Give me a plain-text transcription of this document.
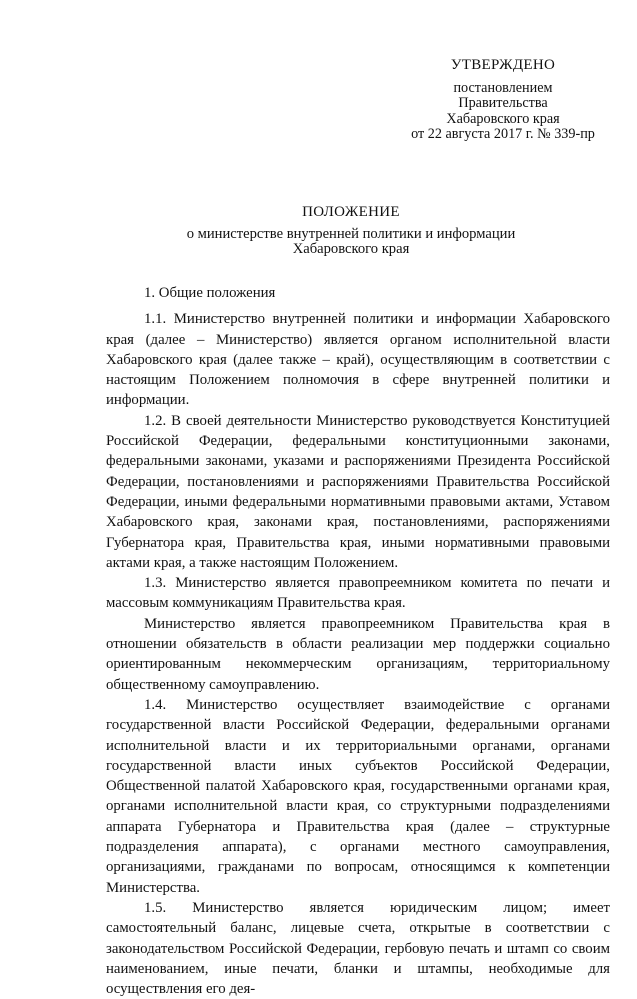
УТВЕРЖДЕНО
постановлением
Правительства
Хабаровского края
от 22 августа 2017 г. № 339-пр
ПОЛОЖЕНИЕ
о министерстве внутренней политики и информации
Хабаровского края

1. Общие положения

1.1. Министерство внутренней политики и информации Хабаровского края (далее – Министерство) является органом исполнительной власти Хабаровского края (далее также – край), осуществляющим в соответствии с настоящим Положением полномочия в сфере внутренней политики и информации.

1.2. В своей деятельности Министерство руководствуется Конституцией Российской Федерации, федеральными конституционными законами, федеральными законами, указами и распоряжениями Президента Российской Федерации, постановлениями и распоряжениями Правительства Российской Федерации, иными федеральными нормативными правовыми актами, Уставом Хабаровского края, законами края, постановлениями, распоряжениями Губернатора края, Правительства края, иными нормативными правовыми актами края, а также настоящим Положением.

1.3. Министерство является правопреемником комитета по печати и массовым коммуникациям Правительства края.

Министерство является правопреемником Правительства края в отношении обязательств в области реализации мер поддержки социально ориентированным некоммерческим организациям, территориальному общественному самоуправлению.

1.4. Министерство осуществляет взаимодействие с органами государственной власти Российской Федерации, федеральными органами исполнительной власти и их территориальными органами, органами государственной власти иных субъектов Российской Федерации, Общественной палатой Хабаровского края, государственными органами края, органами исполнительной власти края, со структурными подразделениями аппарата Губернатора и Правительства края (далее – структурные подразделения аппарата), с органами местного самоуправления, организациями, гражданами по вопросам, относящимся к компетенции Министерства.

1.5. Министерство является юридическим лицом; имеет самостоятельный баланс, лицевые счета, открытые в соответствии с законодательством Российской Федерации, гербовую печать и штамп со своим наименованием, иные печати, бланки и штампы, необходимые для осуществления его дея-
